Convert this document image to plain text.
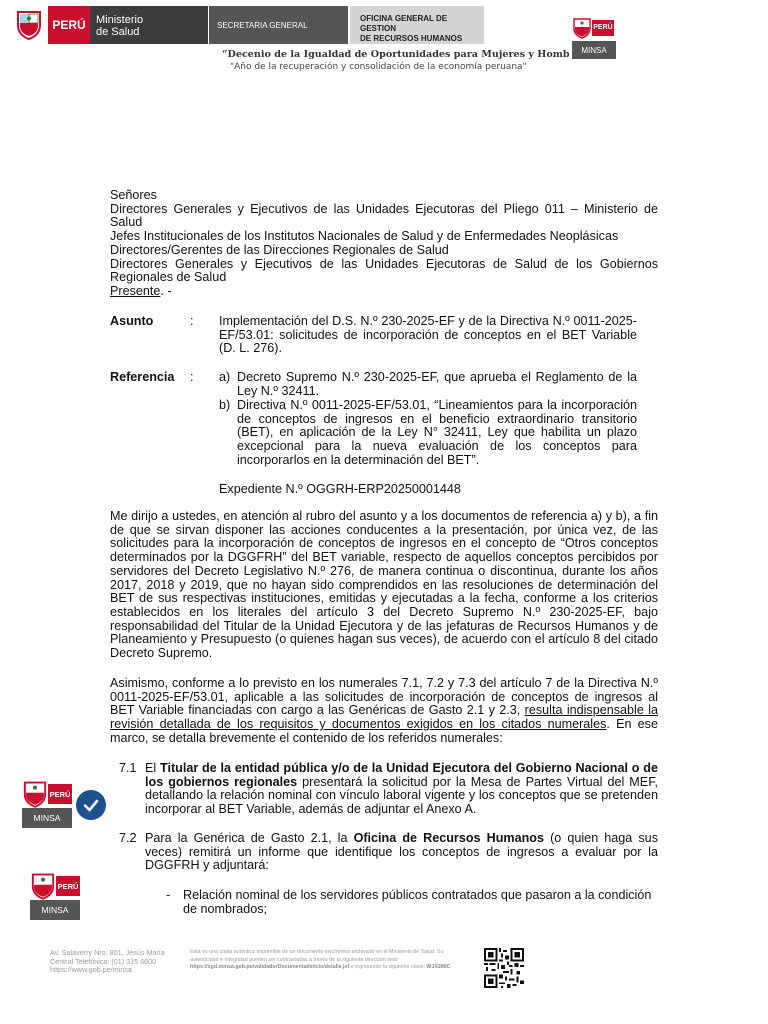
PERÚ Ministerio
de Salud
SECRETARIA GENERAL
OFICINA GENERAL DE GESTION
DE RECURSOS HUMANOS
PERÚ
MINSA
“Decenio de la Igualdad de Oportunidades para Mujeres y Homb
"Año de la recuperación y consolidación de la economía peruana"
Señores
Directores Generales y Ejecutivos de las Unidades Ejecutoras del Pliego 011 – Ministerio de Salud
Jefes Institucionales de los Institutos Nacionales de Salud y de Enfermedades Neoplásicas
Directores/Gerentes de las Direcciones Regionales de Salud
Directores Generales y Ejecutivos de las Unidades Ejecutoras de Salud de los Gobiernos Regionales de Salud
Presente. -
Asunto	: Implementación del D.S. N.º 230-2025-EF y de la Directiva N.º 0011-2025-EF/53.01: solicitudes de incorporación de conceptos en el BET Variable (D. L. 276).
Referencia : a) Decreto Supremo N.º 230-2025-EF, que aprueba el Reglamento de la Ley N.º 32411.
b) Directiva N.º 0011-2025-EF/53.01, “Lineamientos para la incorporación de conceptos de ingresos en el beneficio extraordinario transitorio (BET), en aplicación de la Ley N° 32411, Ley que habilita un plazo excepcional para la nueva evaluación de los conceptos para incorporarlos en la determinación del BET”.
Expediente N.º OGGRH-ERP20250001448
Me dirijo a ustedes, en atención al rubro del asunto y a los documentos de referencia a) y b), a fin de que se sirvan disponer las acciones conducentes a la presentación, por única vez, de las solicitudes para la incorporación de conceptos de ingresos en el concepto de “Otros conceptos determinados por la DGGFRH” del BET variable, respecto de aquellos conceptos percibidos por servidores del Decreto Legislativo N.º 276, de manera continua o discontinua, durante los años 2017, 2018 y 2019, que no hayan sido comprendidos en las resoluciones de determinación del BET de sus respectivas instituciones, emitidas y ejecutadas a la fecha, conforme a los criterios establecidos en los literales del artículo 3 del Decreto Supremo N.º 230-2025-EF, bajo responsabilidad del Titular de la Unidad Ejecutora y de las jefaturas de Recursos Humanos y de Planeamiento y Presupuesto (o quienes hagan sus veces), de acuerdo con el artículo 8 del citado Decreto Supremo.
Asimismo, conforme a lo previsto en los numerales 7.1, 7.2 y 7.3 del artículo 7 de la Directiva N.º 0011-2025-EF/53.01, aplicable a las solicitudes de incorporación de conceptos de ingresos al BET Variable financiadas con cargo a las Genéricas de Gasto 2.1 y 2.3, resulta indispensable la revisión detallada de los requisitos y documentos exigidos en los citados numerales. En ese marco, se detalla brevemente el contenido de los referidos numerales:
7.1 El Titular de la entidad pública y/o de la Unidad Ejecutora del Gobierno Nacional o de los gobiernos regionales presentará la solicitud por la Mesa de Partes Virtual del MEF, detallando la relación nominal con vínculo laboral vigente y los conceptos que se pretenden incorporar al BET Variable, además de adjuntar el Anexo A.
7.2 Para la Genérica de Gasto 2.1, la Oficina de Recursos Humanos (o quien haga sus veces) remitirá un informe que identifique los conceptos de ingresos a evaluar por la DGGFRH y adjuntará:
- Relación nominal de los servidores públicos contratados que pasaron a la condición de nombrados;
PERÚ
MINSA
PERÚ
MINSA
Av. Salaverry Nro. 801, Jesús María
Central Telefónica: (01) 315 6600
https://www.gob.pe/minsa
Esta es una copia auténtica imprimible de un documento electrónico archivado en el Ministerio de Salud. Su autenticidad e integridad pueden ser contrastadas a través de la siguiente dirección web: https://sgd.minsa.gob.pe/validadorDocumental/inicio/detalle.jsf e ingresando la siguiente clave: WJX2MIC
